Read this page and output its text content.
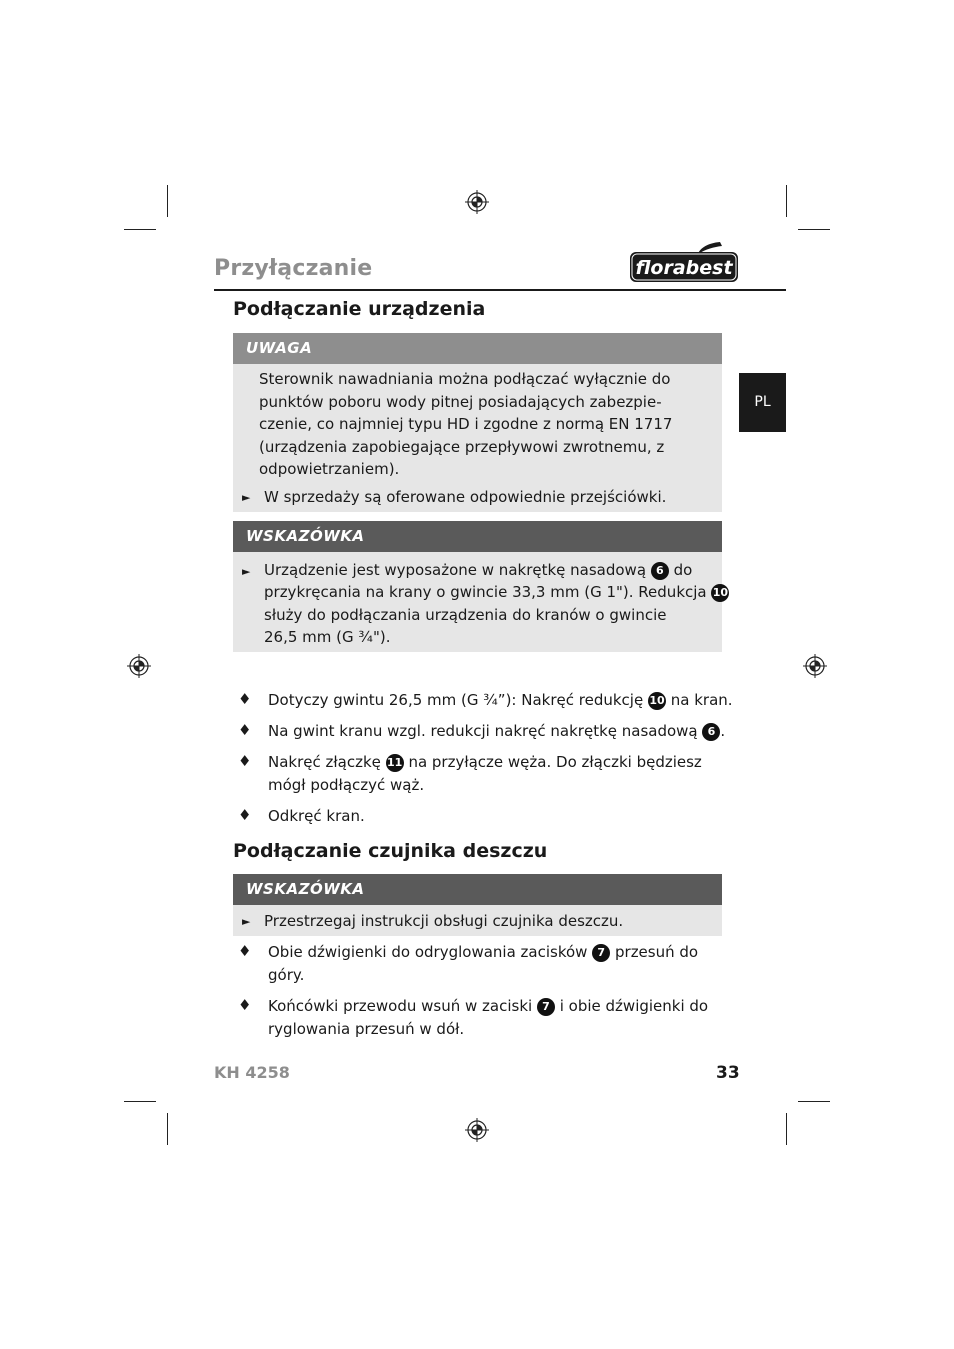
Przyłączanie	florabest
PL
Podłączanie urządzenia
UWAGA
Sterownik nawadniania można podłączać wyłącznie do
punktów poboru wody pitnej posiadających zabezpie-
czenie, co najmniej typu HD i zgodne z normą EN 1717
(urządzenia zapobiegające przepływowi zwrotnemu, z
odpowietrzaniem).
► W sprzedaży są oferowane odpowiednie przejściówki.
WSKAZÓWKA
► Urządzenie jest wyposażone w nakrętkę nasadową 6 do
przykręcania na krany o gwincie 33,3 mm (G 1"). Redukcja 10
służy do podłączania urządzenia do kranów o gwincie
26,5 mm (G ¾").
♦ Dotyczy gwintu 26,5 mm (G ¾”): Nakręć redukcję 10 na kran.
♦ Na gwint kranu wzgl. redukcji nakręć nakrętkę nasadową 6 .
♦ Nakręć złączkę 11 na przyłącze węża. Do złączki będziesz
mógł podłączyć wąż.
♦ Odkręć kran.
Podłączanie czujnika deszczu
WSKAZÓWKA
► Przestrzegaj instrukcji obsługi czujnika deszczu.
♦ Obie dźwigienki do odryglowania zacisków 7 przesuń do
góry.
♦ Końcówki przewodu wsuń w zaciski 7 i obie dźwigienki do
ryglowania przesuń w dół.
KH 4258	33
